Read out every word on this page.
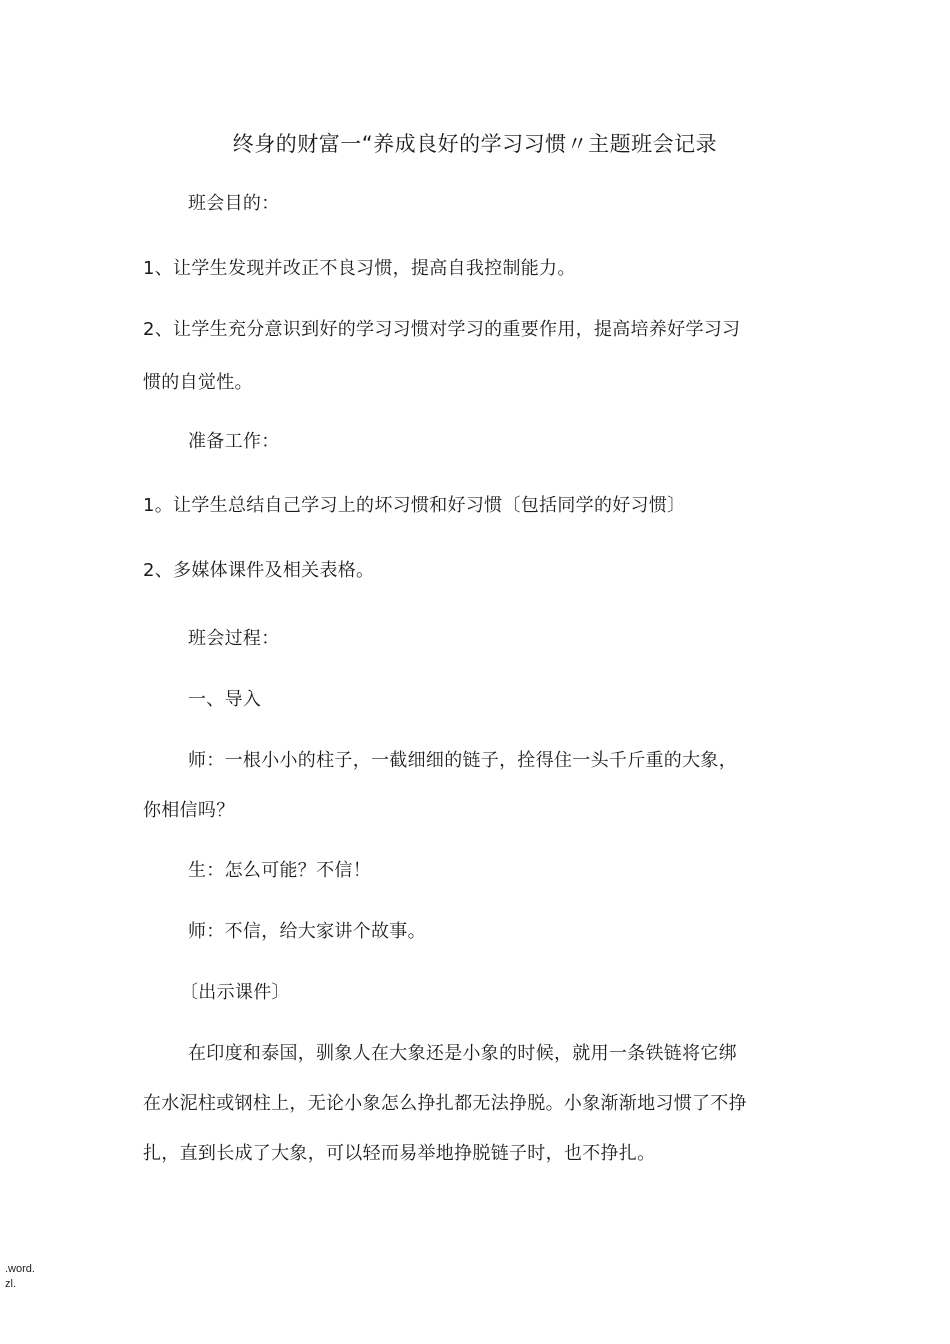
终身的财富一“养成良好的学习习惯〃主题班会记录
班会目的：
1、让学生发现并改正不良习惯，提高自我控制能力。
2、让学生充分意识到好的学习习惯对学习的重要作用，提高培养好学习习
惯的自觉性。
准备工作：
1。让学生总结自己学习上的坏习惯和好习惯〔包括同学的好习惯〕
2、多媒体课件及相关表格。
班会过程：
一、导入
师：一根小小的柱子，一截细细的链子，拴得住一头千斤重的大象，
你相信吗？
生：怎么可能？不信！
师：不信，给大家讲个故事。
〔出示课件〕
在印度和泰国，驯象人在大象还是小象的时候，就用一条铁链将它绑
在水泥柱或钢柱上，无论小象怎么挣扎都无法挣脱。小象渐渐地习惯了不挣
扎，直到长成了大象，可以轻而易举地挣脱链子时，也不挣扎。
.word.
zl.
